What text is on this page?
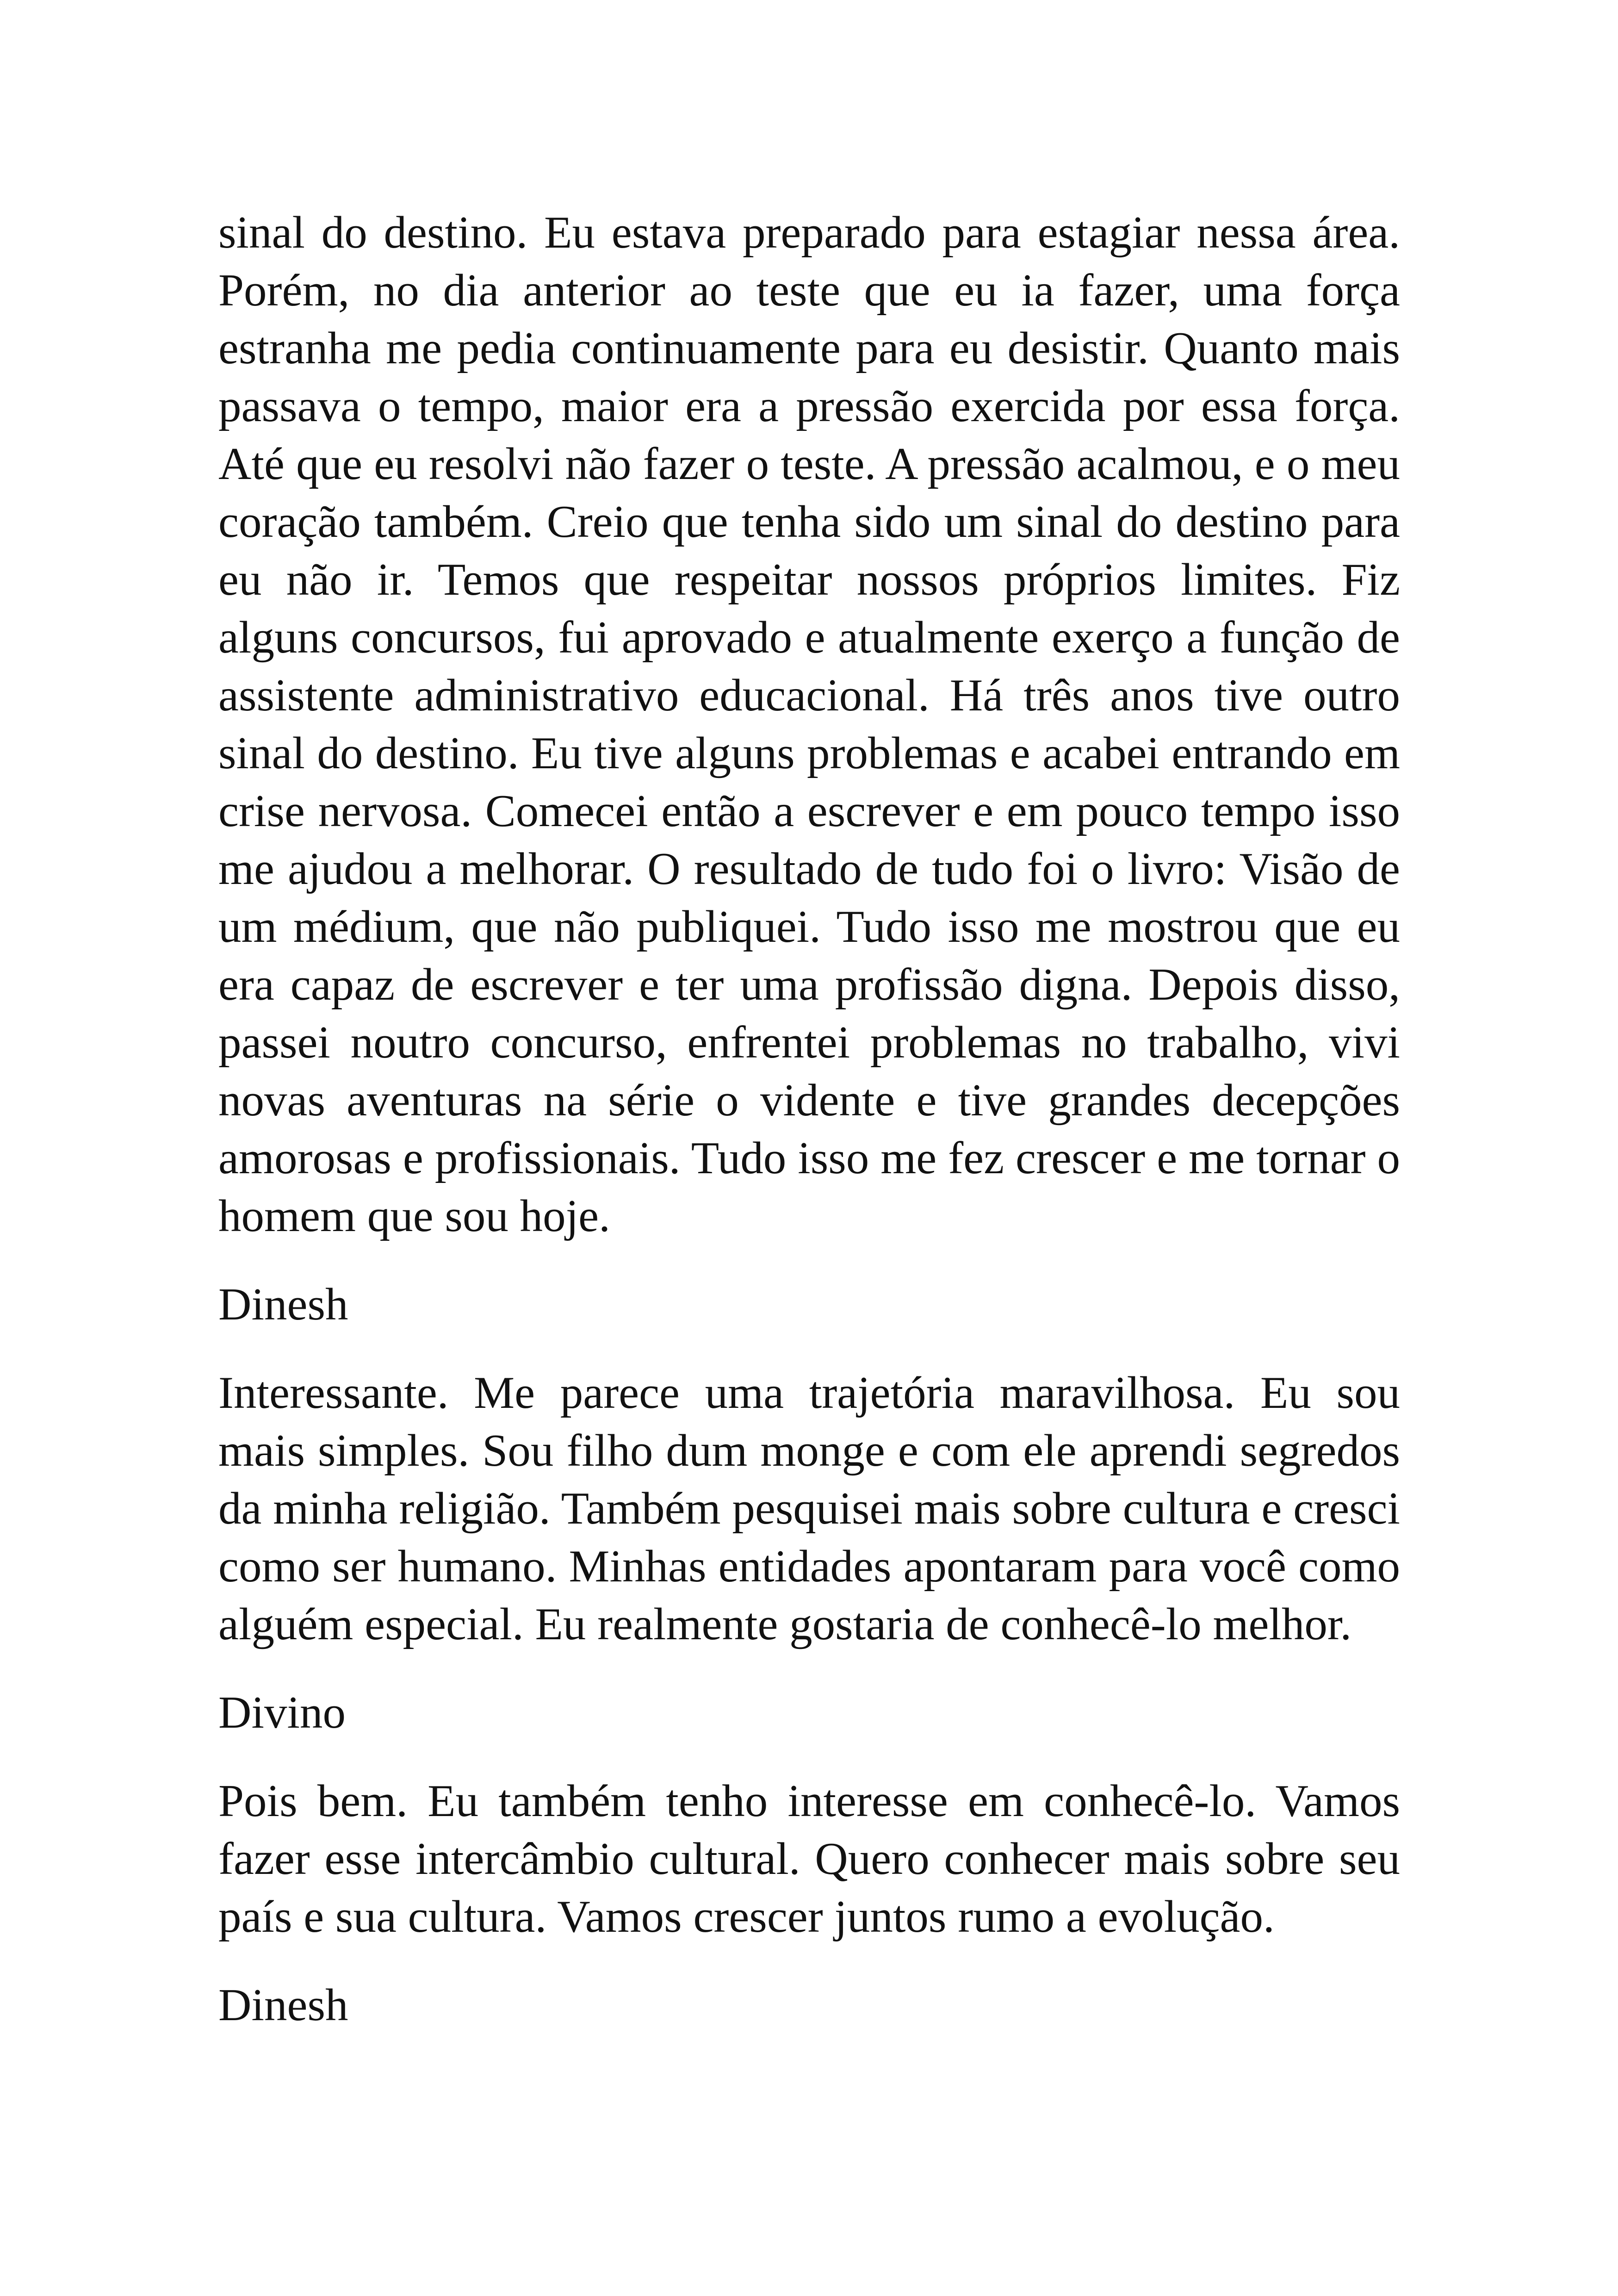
sinal do destino. Eu estava preparado para estagiar nessa área. Porém, no dia anterior ao teste que eu ia fazer, uma força estranha me pedia continuamente para eu desistir. Quanto mais passava o tempo, maior era a pressão exercida por essa força. Até que eu resolvi não fazer o teste. A pressão acalmou, e o meu coração também. Creio que tenha sido um sinal do destino para eu não ir. Temos que respeitar nossos próprios limites. Fiz alguns concursos, fui aprovado e atualmente exerço a função de assistente administrativo educacional. Há três anos tive outro sinal do destino. Eu tive alguns problemas e acabei entrando em crise nervosa. Comecei então a escrever e em pouco tempo isso me ajudou a melhorar. O resultado de tudo foi o livro: Visão de um médium, que não publiquei. Tudo isso me mostrou que eu era capaz de escrever e ter uma profissão digna. Depois disso, passei noutro concurso, enfrentei problemas no trabalho, vivi novas aventuras na série o vidente e tive grandes decepções amorosas e profissionais. Tudo isso me fez crescer e me tornar o homem que sou hoje.

Dinesh

Interessante. Me parece uma trajetória maravilhosa. Eu sou mais simples. Sou filho dum monge e com ele aprendi segredos da minha religião. Também pesquisei mais sobre cultura e cresci como ser humano. Minhas entidades apontaram para você como alguém especial. Eu realmente gostaria de conhecê-lo melhor.

Divino

Pois bem. Eu também tenho interesse em conhecê-lo. Vamos fazer esse intercâmbio cultural. Quero conhecer mais sobre seu país e sua cultura. Vamos crescer juntos rumo a evolução.

Dinesh
